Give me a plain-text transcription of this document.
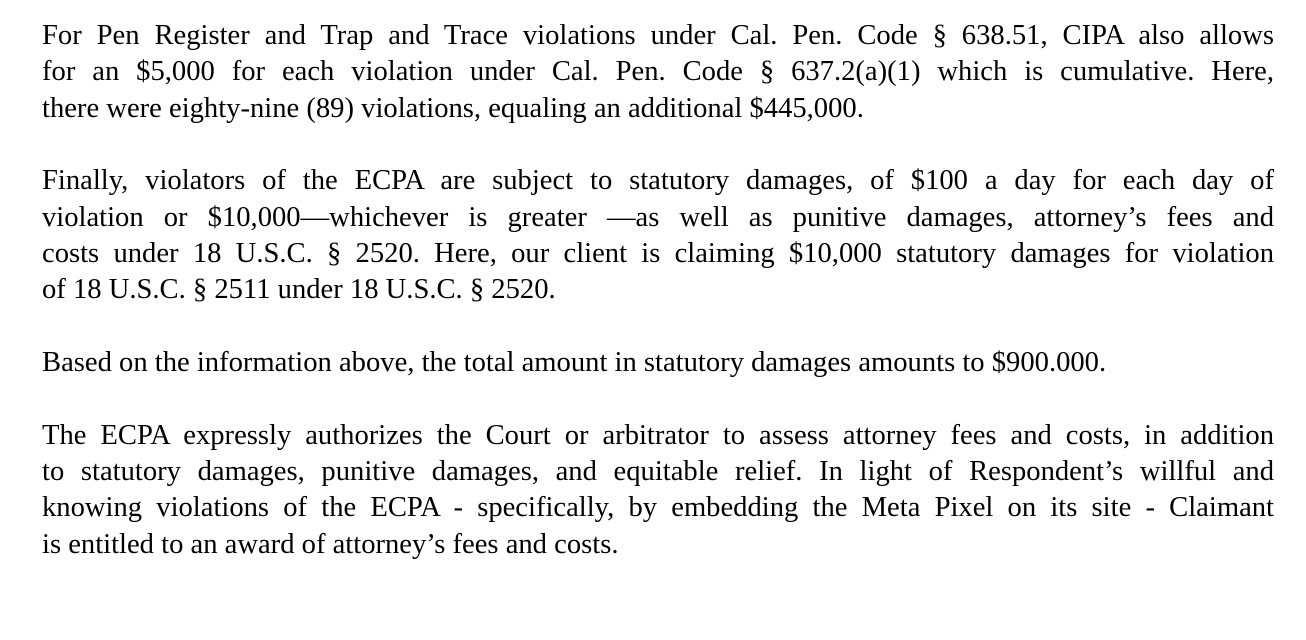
For Pen Register and Trap and Trace violations under Cal. Pen. Code § 638.51, CIPA also allows
for an $5,000 for each violation under Cal. Pen. Code § 637.2(a)(1) which is cumulative. Here,
there were eighty-nine (89) violations, equaling an additional $445,000.

Finally, violators of the ECPA are subject to statutory damages, of $100 a day for each day of
violation or $10,000—whichever is greater —as well as punitive damages, attorney’s fees and
costs under 18 U.S.C. § 2520. Here, our client is claiming $10,000 statutory damages for violation
of 18 U.S.C. § 2511 under 18 U.S.C. § 2520.

Based on the information above, the total amount in statutory damages amounts to $900.000.

The ECPA expressly authorizes the Court or arbitrator to assess attorney fees and costs, in addition
to statutory damages, punitive damages, and equitable relief. In light of Respondent’s willful and
knowing violations of the ECPA - specifically, by embedding the Meta Pixel on its site - Claimant
is entitled to an award of attorney’s fees and costs.
